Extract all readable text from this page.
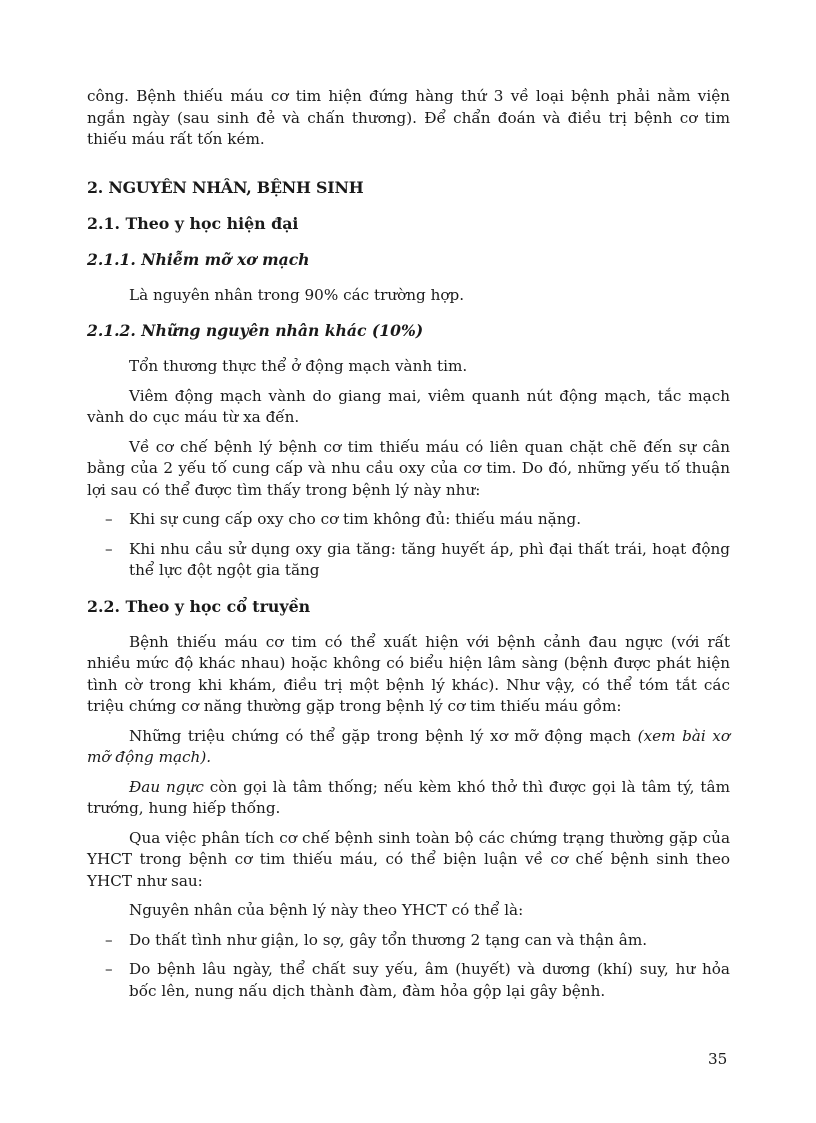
công. Bệnh thiếu máu cơ tim hiện đứng hàng thứ 3 về loại bệnh phải nằm viện ngắn ngày (sau sinh đẻ và chấn thương). Để chẩn đoán và điều trị bệnh cơ tim thiếu máu rất tốn kém.

2. NGUYÊN NHÂN, BỆNH SINH
2.1. Theo y học hiện đại
2.1.1. Nhiễm mỡ xơ mạch

Là nguyên nhân trong 90% các trường hợp.

2.1.2. Những nguyên nhân khác (10%)

Tổn thương thực thể ở động mạch vành tim.

Viêm động mạch vành do giang mai, viêm quanh nút động mạch, tắc mạch vành do cục máu từ xa đến.

Về cơ chế bệnh lý bệnh cơ tim thiếu máu có liên quan chặt chẽ đến sự cân bằng của 2 yếu tố cung cấp và nhu cầu oxy của cơ tim. Do đó, những yếu tố thuận lợi sau có thể được tìm thấy trong bệnh lý này như:

– Khi sự cung cấp oxy cho cơ tim không đủ: thiếu máu nặng.

– Khi nhu cầu sử dụng oxy gia tăng: tăng huyết áp, phì đại thất trái, hoạt động thể lực đột ngột gia tăng

2.2. Theo y học cổ truyền

Bệnh thiếu máu cơ tim có thể xuất hiện với bệnh cảnh đau ngực (với rất nhiều mức độ khác nhau) hoặc không có biểu hiện lâm sàng (bệnh được phát hiện tình cờ trong khi khám, điều trị một bệnh lý khác). Như vậy, có thể tóm tắt các triệu chứng cơ năng thường gặp trong bệnh lý cơ tim thiếu máu gồm:

Những triệu chứng có thể gặp trong bệnh lý xơ mỡ động mạch (xem bài xơ mỡ động mạch).

Đau ngực còn gọi là tâm thống; nếu kèm khó thở thì được gọi là tâm tý, tâm trướng, hung hiếp thống.

Qua việc phân tích cơ chế bệnh sinh toàn bộ các chứng trạng thường gặp của YHCT trong bệnh cơ tim thiếu máu, có thể biện luận về cơ chế bệnh sinh theo YHCT như sau:

Nguyên nhân của bệnh lý này theo YHCT có thể là:

– Do thất tình như giận, lo sợ, gây tổn thương 2 tạng can và thận âm.

– Do bệnh lâu ngày, thể chất suy yếu, âm (huyết) và dương (khí) suy, hư hỏa bốc lên, nung nấu dịch thành đàm, đàm hỏa gộp lại gây bệnh.

35
